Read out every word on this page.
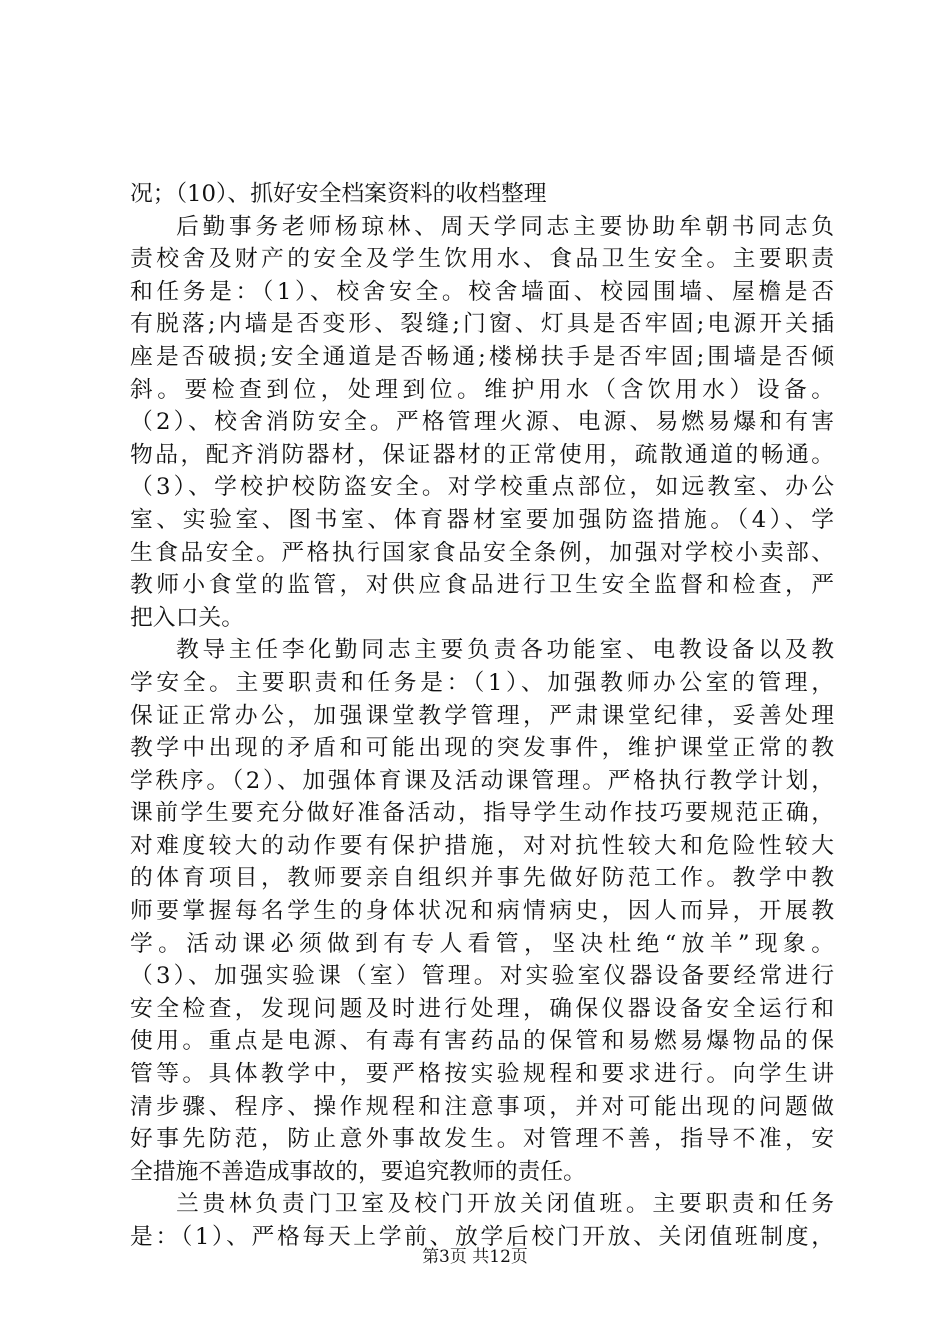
况；（10）、抓好安全档案资料的收档整理
后勤事务老师杨琼林、周天学同志主要协助牟朝书同志负
责校舍及财产的安全及学生饮用水、食品卫生安全。主要职责
和任务是：（1）、校舍安全。校舍墙面、校园围墙、屋檐是否
有脱落;内墙是否变形、裂缝;门窗、灯具是否牢固;电源开关插
座是否破损;安全通道是否畅通;楼梯扶手是否牢固;围墙是否倾
斜。要检查到位，处理到位。维护用水（含饮用水）设备。
（2）、校舍消防安全。严格管理火源、电源、易燃易爆和有害
物品，配齐消防器材，保证器材的正常使用，疏散通道的畅通。
（3）、学校护校防盗安全。对学校重点部位，如远教室、办公
室、实验室、图书室、体育器材室要加强防盗措施。（4）、学
生食品安全。严格执行国家食品安全条例，加强对学校小卖部、
教师小食堂的监管，对供应食品进行卫生安全监督和检查，严
把入口关。
教导主任李化勤同志主要负责各功能室、电教设备以及教
学安全。主要职责和任务是：（1）、加强教师办公室的管理，
保证正常办公，加强课堂教学管理，严肃课堂纪律，妥善处理
教学中出现的矛盾和可能出现的突发事件，维护课堂正常的教
学秩序。（2）、加强体育课及活动课管理。严格执行教学计划，
课前学生要充分做好准备活动，指导学生动作技巧要规范正确，
对难度较大的动作要有保护措施，对对抗性较大和危险性较大
的体育项目，教师要亲自组织并事先做好防范工作。教学中教
师要掌握每名学生的身体状况和病情病史，因人而异，开展教
学。活动课必须做到有专人看管，坚决杜绝“放羊”现象。
（3）、加强实验课（室）管理。对实验室仪器设备要经常进行
安全检查，发现问题及时进行处理，确保仪器设备安全运行和
使用。重点是电源、有毒有害药品的保管和易燃易爆物品的保
管等。具体教学中，要严格按实验规程和要求进行。向学生讲
清步骤、程序、操作规程和注意事项，并对可能出现的问题做
好事先防范，防止意外事故发生。对管理不善，指导不准，安
全措施不善造成事故的，要追究教师的责任。
兰贵林负责门卫室及校门开放关闭值班。主要职责和任务
是：（1）、严格每天上学前、放学后校门开放、关闭值班制度，
第3页 共12页
